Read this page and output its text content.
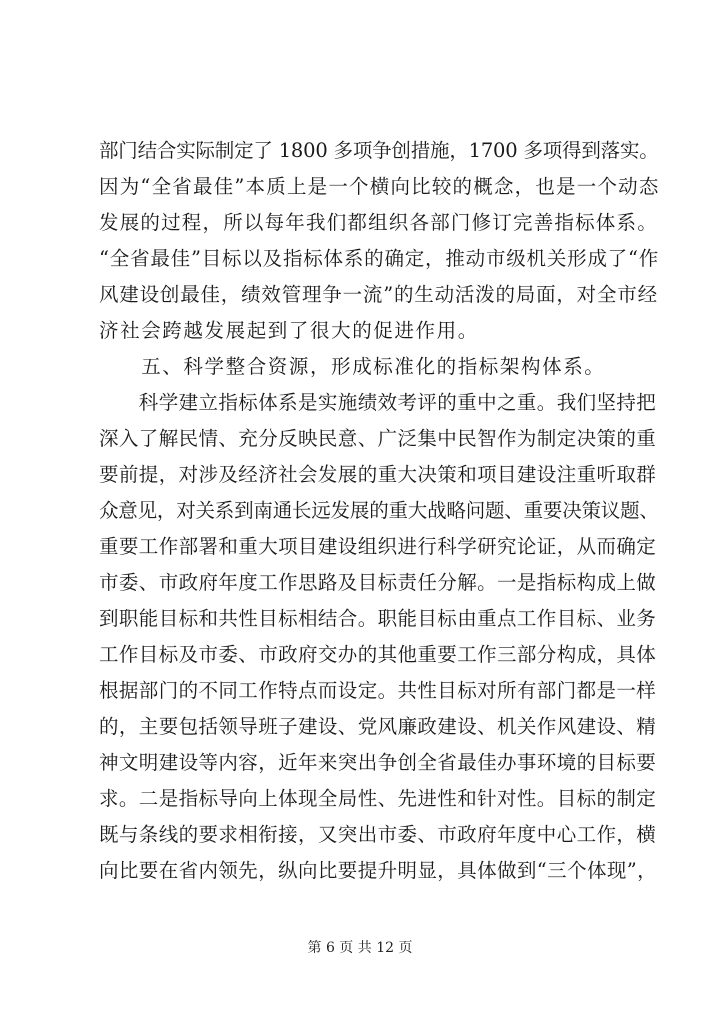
部门结合实际制定了 1800 多项争创措施，1700 多项得到落实。
因为“全省最佳”本质上是一个横向比较的概念，也是一个动态
发展的过程，所以每年我们都组织各部门修订完善指标体系。
“全省最佳”目标以及指标体系的确定，推动市级机关形成了“作
风建设创最佳，绩效管理争一流”的生动活泼的局面，对全市经
济社会跨越发展起到了很大的促进作用。
　　五、科学整合资源，形成标准化的指标架构体系。
　　科学建立指标体系是实施绩效考评的重中之重。我们坚持把
深入了解民情、充分反映民意、广泛集中民智作为制定决策的重
要前提，对涉及经济社会发展的重大决策和项目建设注重听取群
众意见，对关系到南通长远发展的重大战略问题、重要决策议题、
重要工作部署和重大项目建设组织进行科学研究论证，从而确定
市委、市政府年度工作思路及目标责任分解。一是指标构成上做
到职能目标和共性目标相结合。职能目标由重点工作目标、业务
工作目标及市委、市政府交办的其他重要工作三部分构成，具体
根据部门的不同工作特点而设定。共性目标对所有部门都是一样
的，主要包括领导班子建设、党风廉政建设、机关作风建设、精
神文明建设等内容，近年来突出争创全省最佳办事环境的目标要
求。二是指标导向上体现全局性、先进性和针对性。目标的制定
既与条线的要求相衔接，又突出市委、市政府年度中心工作，横
向比要在省内领先，纵向比要提升明显，具体做到“三个体现”，
第 6 页 共 12 页
